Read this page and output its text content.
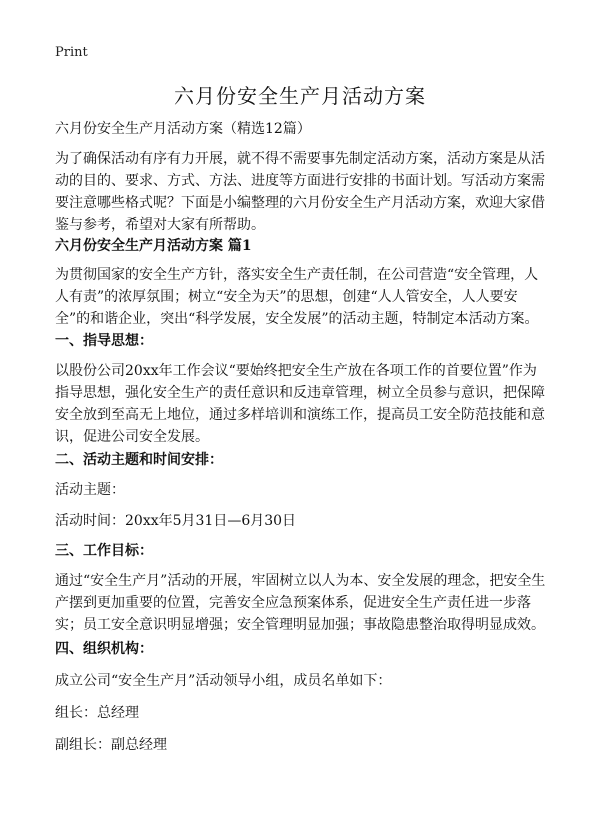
Print
六月份安全生产月活动方案

六月份安全生产月活动方案（精选12篇）

为了确保活动有序有力开展，就不得不需要事先制定活动方案，活动方案是从活动的目的、要求、方式、方法、进度等方面进行安排的书面计划。写活动方案需要注意哪些格式呢？下面是小编整理的六月份安全生产月活动方案，欢迎大家借鉴与参考，希望对大家有所帮助。

六月份安全生产月活动方案 篇1

为贯彻国家的安全生产方针，落实安全生产责任制，在公司营造“安全管理，人人有责”的浓厚氛围；树立“安全为天”的思想，创建“人人管安全，人人要安全”的和谐企业，突出“科学发展，安全发展”的活动主题，特制定本活动方案。

一、指导思想：

以股份公司20xx年工作会议“要始终把安全生产放在各项工作的首要位置”作为指导思想，强化安全生产的责任意识和反违章管理，树立全员参与意识，把保障安全放到至高无上地位，通过多样培训和演练工作，提高员工安全防范技能和意识，促进公司安全发展。

二、活动主题和时间安排：

活动主题：

活动时间：20xx年5月31日—6月30日

三、工作目标：

通过“安全生产月”活动的开展，牢固树立以人为本、安全发展的理念，把安全生产摆到更加重要的位置，完善安全应急预案体系，促进安全生产责任进一步落实；员工安全意识明显增强；安全管理明显加强；事故隐患整治取得明显成效。

四、组织机构：

成立公司“安全生产月”活动领导小组，成员名单如下：

组长：总经理

副组长：副总经理
